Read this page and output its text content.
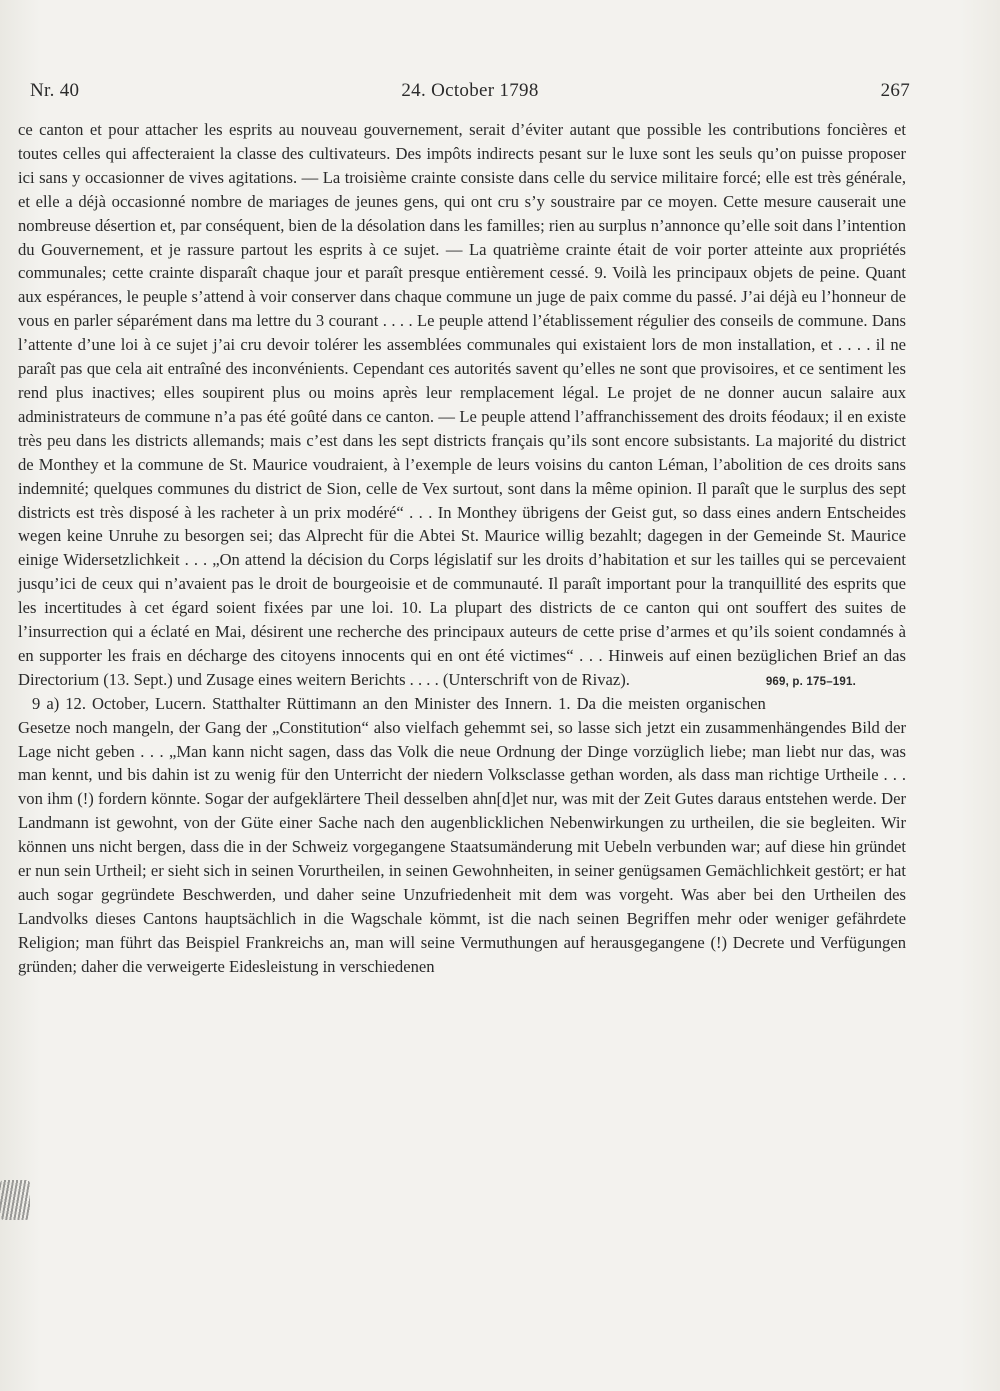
Nr. 40	24. October 1798	267

ce canton et pour attacher les esprits au nouveau gouvernement, serait d’éviter autant que possible les contributions foncières et toutes celles qui affecteraient la classe des cultivateurs. Des impôts indirects pesant sur le luxe sont les seuls qu’on puisse proposer ici sans y occasionner de vives agitations. — La troisième crainte consiste dans celle du service militaire forcé; elle est très générale, et elle a déjà occasionné nombre de mariages de jeunes gens, qui ont cru s’y soustraire par ce moyen. Cette mesure causerait une nombreuse désertion et, par conséquent, bien de la désolation dans les familles; rien au surplus n’annonce qu’elle soit dans l’intention du Gouvernement, et je rassure partout les esprits à ce sujet. — La quatrième crainte était de voir porter atteinte aux propriétés communales; cette crainte disparaît chaque jour et paraît presque entièrement cessé. 9. Voilà les principaux objets de peine. Quant aux espérances, le peuple s’attend à voir conserver dans chaque commune un juge de paix comme du passé. J’ai déjà eu l’honneur de vous en parler séparément dans ma lettre du 3 courant . . . . Le peuple attend l’établissement régulier des conseils de commune. Dans l’attente d’une loi à ce sujet j’ai cru devoir tolérer les assemblées communales qui existaient lors de mon installation, et . . . . il ne paraît pas que cela ait entraîné des inconvénients. Cependant ces autorités savent qu’elles ne sont que provisoires, et ce sentiment les rend plus inactives; elles soupirent plus ou moins après leur remplacement légal. Le projet de ne donner aucun salaire aux administrateurs de commune n’a pas été goûté dans ce canton. — Le peuple attend l’affranchissement des droits féodaux; il en existe très peu dans les districts allemands; mais c’est dans les sept districts français qu’ils sont encore subsistants. La majorité du district de Monthey et la commune de St. Maurice voudraient, à l’exemple de leurs voisins du canton Léman, l’abolition de ces droits sans indemnité; quelques communes du district de Sion, celle de Vex surtout, sont dans la même opinion. Il paraît que le surplus des sept districts est très disposé à les racheter à un prix modéré“ . . . In Monthey übrigens der Geist gut, so dass eines andern Entscheides wegen keine Unruhe zu besorgen sei; das Alprecht für die Abtei St. Maurice willig bezahlt; dagegen in der Gemeinde St. Maurice einige Widersetzlichkeit . . . „On attend la décision du Corps législatif sur les droits d’habitation et sur les tailles qui se percevaient jusqu’ici de ceux qui n’avaient pas le droit de bourgeoisie et de communauté. Il paraît important pour la tranquillité des esprits que les incertitudes à cet égard soient fixées par une loi. 10. La plupart des districts de ce canton qui ont souffert des suites de l’insurrection qui a éclaté en Mai, désirent une recherche des principaux auteurs de cette prise d’armes et qu’ils soient condamnés à en supporter les frais en décharge des citoyens innocents qui en ont été victimes“ . . . Hinweis auf einen bezüglichen Brief an das Directorium (13. Sept.) und Zusage eines weitern Berichts . . . . (Unterschrift von de Rivaz).	969, p. 175–191.

9 a) 12. October, Lucern. Statthalter Rüttimann an den Minister des Innern. 1. Da die meisten organischen Gesetze noch mangeln, der Gang der „Constitution“ also vielfach gehemmt sei, so lasse sich jetzt ein zusammenhängendes Bild der Lage nicht geben . . . „Man kann nicht sagen, dass das Volk die neue Ordnung der Dinge vorzüglich liebe; man liebt nur das, was man kennt, und bis dahin ist zu wenig für den Unterricht der niedern Volksclasse gethan worden, als dass man richtige Urtheile . . . von ihm (!) fordern könnte. Sogar der aufgeklärtere Theil desselben ahn[d]et nur, was mit der Zeit Gutes daraus entstehen werde. Der Landmann ist gewohnt, von der Güte einer Sache nach den augenblicklichen Nebenwirkungen zu urtheilen, die sie begleiten. Wir können uns nicht bergen, dass die in der Schweiz vorgegangene Staatsumänderung mit Uebeln verbunden war; auf diese hin gründet er nun sein Urtheil; er sieht sich in seinen Vorurtheilen, in seinen Gewohnheiten, in seiner genügsamen Gemächlichkeit gestört; er hat auch sogar gegründete Beschwerden, und daher seine Unzufriedenheit mit dem was vorgeht. Was aber bei den Urtheilen des Landvolks dieses Cantons hauptsächlich in die Wagschale kömmt, ist die nach seinen Begriffen mehr oder weniger gefährdete Religion; man führt das Beispiel Frankreichs an, man will seine Vermuthungen auf herausgegangene (!) Decrete und Verfügungen gründen; daher die verweigerte Eidesleistung in verschiedenen
